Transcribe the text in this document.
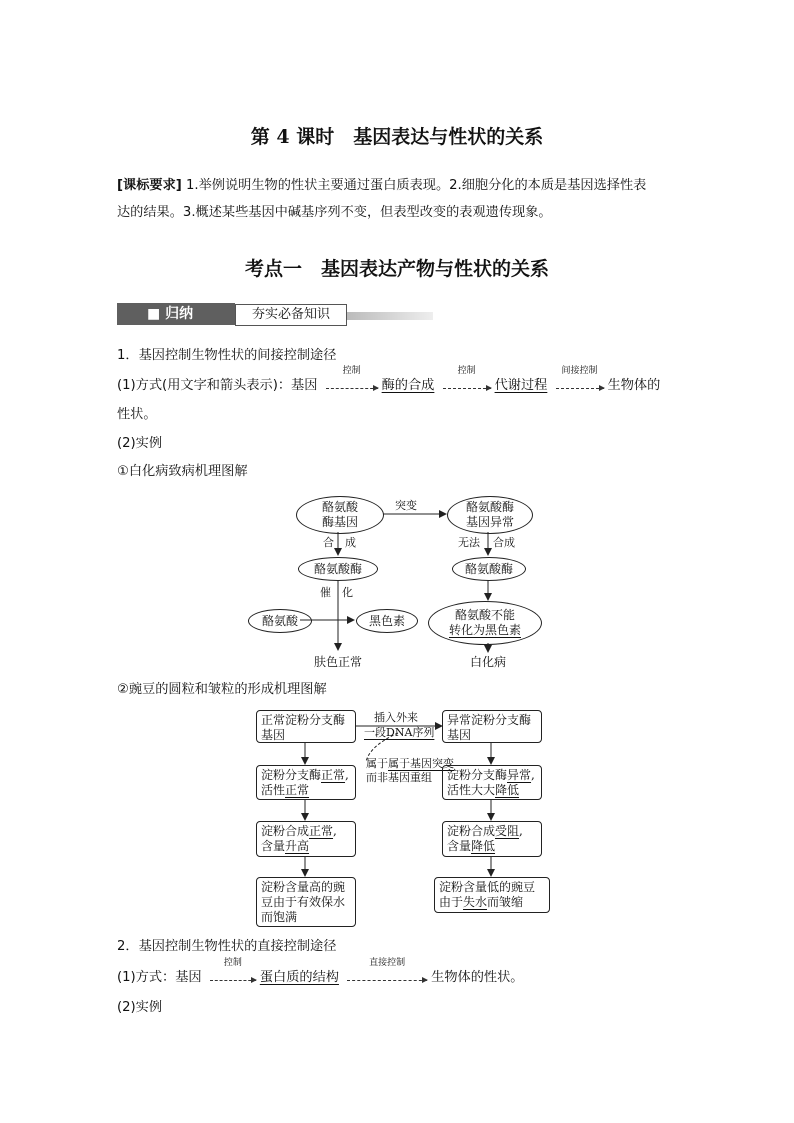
第 4 课时　基因表达与性状的关系
[课标要求] 1.举例说明生物的性状主要通过蛋白质表现。2.细胞分化的本质是基因选择性表
达的结果。3.概述某些基因中碱基序列不变，但表型改变的表观遗传现象。
考点一　基因表达产物与性状的关系
■ 归纳	夯实必备知识
1．基因控制生物性状的间接控制途径
(1)方式(用文字和箭头表示)：基因
控制
酶的合成
控制
代谢过程
间接控制
生物体的
性状。
(2)实例
①白化病致病机理图解
酪氨酸
酶基因
突变	酪氨酸酶
基因异常
合　成	无法 合成
酪氨酸酶	酪氨酸酶
催　化
酪氨酸	黑色素	酪氨酸不能
转化为黑色素
肤色正常	白化病
②豌豆的圆粒和皱粒的形成机理图解
正常淀粉分支酶
基因
插入外来
一段DNA序列
异常淀粉分支酶
基因
属于属于基因突变
而非基因重组
淀粉分支酶正常,
活性正常
淀粉分支酶异常,
活性大大降低
淀粉合成正常,
含量升高
淀粉合成受阻,
含量降低
淀粉含量高的豌
豆由于有效保水
而饱满
淀粉含量低的豌豆
由于失水而皱缩
2．基因控制生物性状的直接控制途径
(1)方式：基因
控制
蛋白质的结构
直接控制
生物体的性状。
(2)实例
